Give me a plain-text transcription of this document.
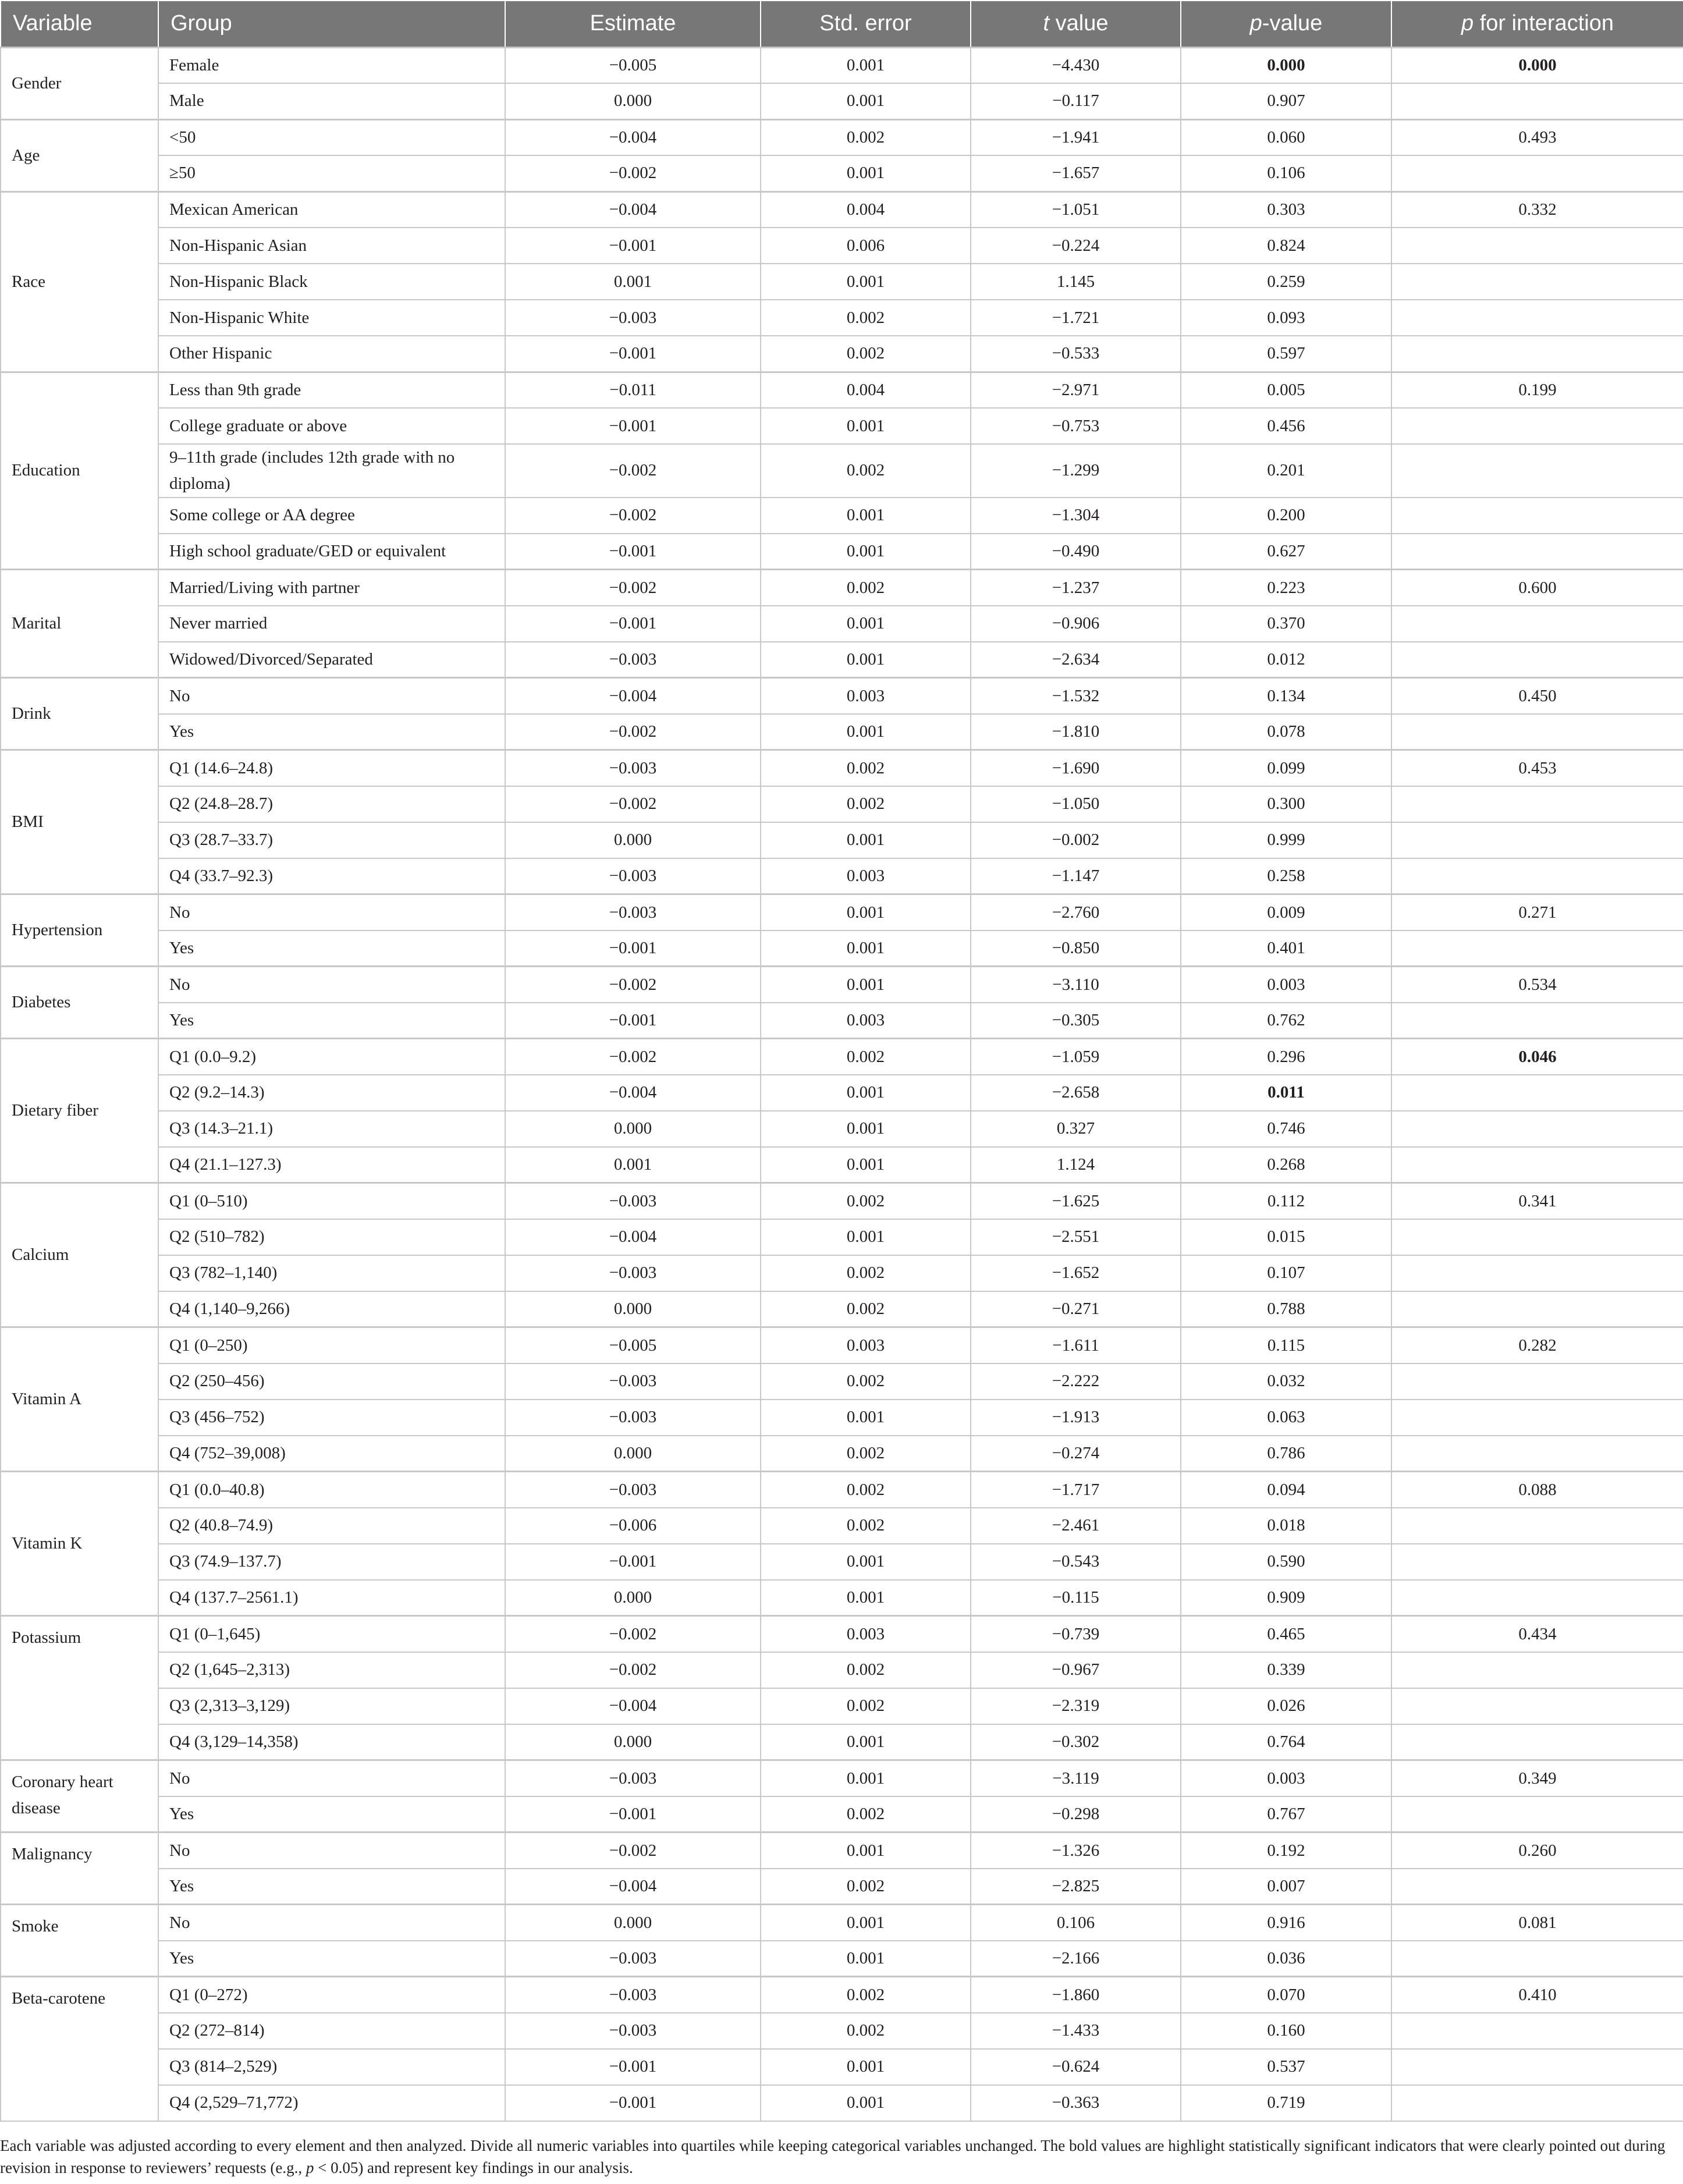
Variable	Group	Estimate	Std. error	t value	p-value	p for interaction
Gender	Female	−0.005	0.001	−4.430	0.000	0.000
	Male	0.000	0.001	−0.117	0.907	
Age	<50	−0.004	0.002	−1.941	0.060	0.493
	≥50	−0.002	0.001	−1.657	0.106	
Race	Mexican American	−0.004	0.004	−1.051	0.303	0.332
	Non-Hispanic Asian	−0.001	0.006	−0.224	0.824	
	Non-Hispanic Black	0.001	0.001	1.145	0.259	
	Non-Hispanic White	−0.003	0.002	−1.721	0.093	
	Other Hispanic	−0.001	0.002	−0.533	0.597	
Education	Less than 9th grade	−0.011	0.004	−2.971	0.005	0.199
	College graduate or above	−0.001	0.001	−0.753	0.456	
	9–11th grade (includes 12th grade with no diploma)	−0.002	0.002	−1.299	0.201	
	Some college or AA degree	−0.002	0.001	−1.304	0.200	
	High school graduate/GED or equivalent	−0.001	0.001	−0.490	0.627	
Marital	Married/Living with partner	−0.002	0.002	−1.237	0.223	0.600
	Never married	−0.001	0.001	−0.906	0.370	
	Widowed/Divorced/Separated	−0.003	0.001	−2.634	0.012	
Drink	No	−0.004	0.003	−1.532	0.134	0.450
	Yes	−0.002	0.001	−1.810	0.078	
BMI	Q1 (14.6–24.8)	−0.003	0.002	−1.690	0.099	0.453
	Q2 (24.8–28.7)	−0.002	0.002	−1.050	0.300	
	Q3 (28.7–33.7)	0.000	0.001	−0.002	0.999	
	Q4 (33.7–92.3)	−0.003	0.003	−1.147	0.258	
Hypertension	No	−0.003	0.001	−2.760	0.009	0.271
	Yes	−0.001	0.001	−0.850	0.401	
Diabetes	No	−0.002	0.001	−3.110	0.003	0.534
	Yes	−0.001	0.003	−0.305	0.762	
Dietary fiber	Q1 (0.0–9.2)	−0.002	0.002	−1.059	0.296	0.046
	Q2 (9.2–14.3)	−0.004	0.001	−2.658	0.011	
	Q3 (14.3–21.1)	0.000	0.001	0.327	0.746	
	Q4 (21.1–127.3)	0.001	0.001	1.124	0.268	
Calcium	Q1 (0–510)	−0.003	0.002	−1.625	0.112	0.341
	Q2 (510–782)	−0.004	0.001	−2.551	0.015	
	Q3 (782–1,140)	−0.003	0.002	−1.652	0.107	
	Q4 (1,140–9,266)	0.000	0.002	−0.271	0.788	
Vitamin A	Q1 (0–250)	−0.005	0.003	−1.611	0.115	0.282
	Q2 (250–456)	−0.003	0.002	−2.222	0.032	
	Q3 (456–752)	−0.003	0.001	−1.913	0.063	
	Q4 (752–39,008)	0.000	0.002	−0.274	0.786	
Vitamin K	Q1 (0.0–40.8)	−0.003	0.002	−1.717	0.094	0.088
	Q2 (40.8–74.9)	−0.006	0.002	−2.461	0.018	
	Q3 (74.9–137.7)	−0.001	0.001	−0.543	0.590	
	Q4 (137.7–2561.1)	0.000	0.001	−0.115	0.909	
Potassium	Q1 (0–1,645)	−0.002	0.003	−0.739	0.465	0.434
	Q2 (1,645–2,313)	−0.002	0.002	−0.967	0.339	
	Q3 (2,313–3,129)	−0.004	0.002	−2.319	0.026	
	Q4 (3,129–14,358)	0.000	0.001	−0.302	0.764	
Coronary heart disease	No	−0.003	0.001	−3.119	0.003	0.349
	Yes	−0.001	0.002	−0.298	0.767	
Malignancy	No	−0.002	0.001	−1.326	0.192	0.260
	Yes	−0.004	0.002	−2.825	0.007	
Smoke	No	0.000	0.001	0.106	0.916	0.081
	Yes	−0.003	0.001	−2.166	0.036	
Beta-carotene	Q1 (0–272)	−0.003	0.002	−1.860	0.070	0.410
	Q2 (272–814)	−0.003	0.002	−1.433	0.160	
	Q3 (814–2,529)	−0.001	0.001	−0.624	0.537	
	Q4 (2,529–71,772)	−0.001	0.001	−0.363	0.719	

Each variable was adjusted according to every element and then analyzed. Divide all numeric variables into quartiles while keeping categorical variables unchanged. The bold values are highlight statistically significant indicators that were clearly pointed out during revision in response to reviewers’ requests (e.g., p < 0.05) and represent key findings in our analysis.
